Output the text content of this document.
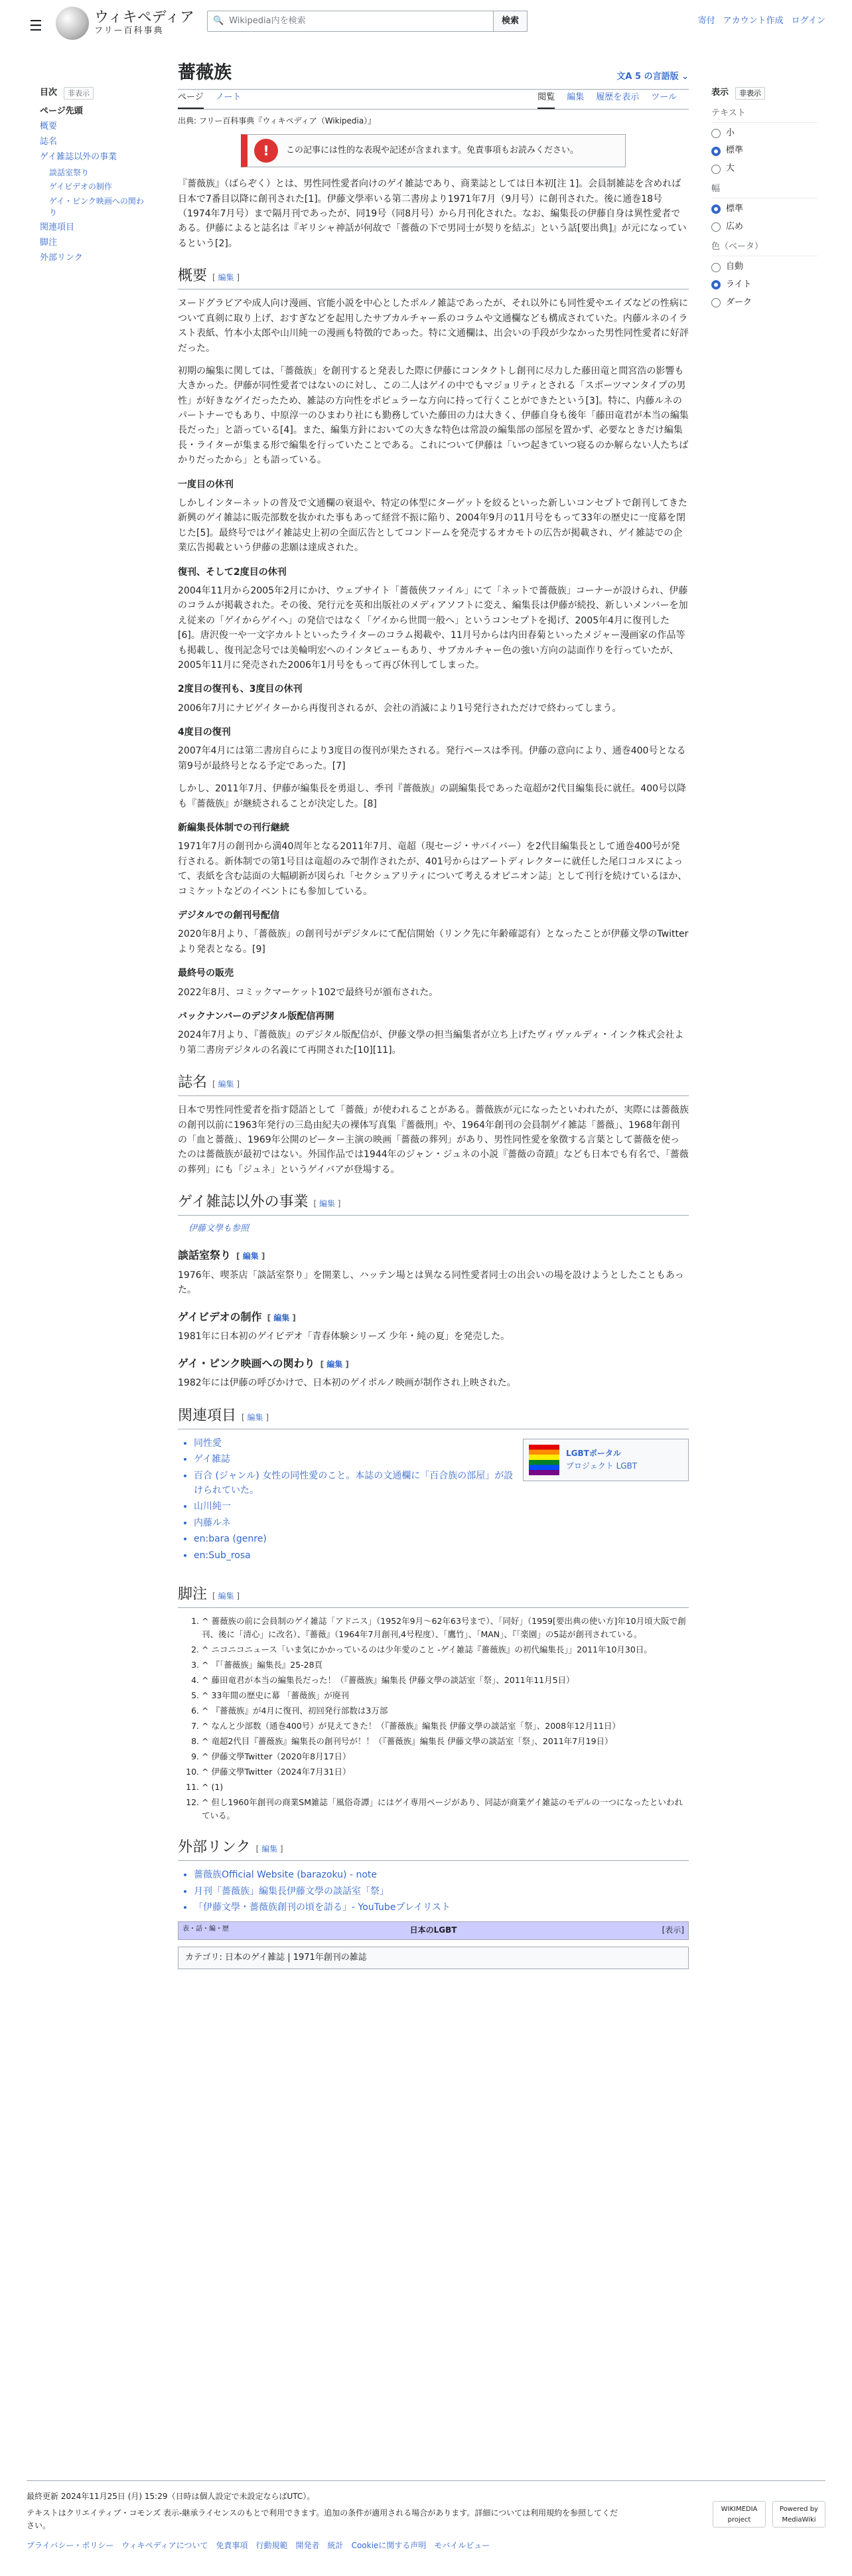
☰
ウィキペディア
フリー百科事典
🔍 Wikipedia内を検索	検索	寄付 アカウント作成 ログイン
目次	非表示
ページ先頭
概要
誌名
ゲイ雑誌以外の事業
談話室祭り
ゲイビデオの制作
ゲイ・ピンク映画への関わり
関連項目
脚注
外部リンク
薔薇族	文A 5 の言語版 ⌄
ページ ノート	閲覧 編集 履歴を表示 ツール
出典: フリー百科事典『ウィキペディア（Wikipedia）』
!	この記事には性的な表現や記述が含まれます。免責事項もお読みください。

『薔薇族』（ばらぞく）とは、男性同性愛者向けのゲイ雑誌であり、商業誌としては日本初[注 1]。会員制雑誌を含めれば日本で7番目以降に創刊された[1]。伊藤文學率いる第二書房より1971年7月（9月号）に創刊された。後に通巻18号（1974年7月号）まで隔月刊であったが、同19号（同8月号）から月刊化された。なお、編集長の伊藤自身は異性愛者である。伊藤によると誌名は『ギリシャ神話が何故で「薔薇の下で男同士が契りを結ぶ」という話[要出典]』が元になっているという[2]。

概要 [ 編集 ]

ヌードグラビアや成人向け漫画、官能小説を中心としたポルノ雑誌であったが、それ以外にも同性愛やエイズなどの性病について真剣に取り上げ、おすぎなどを起用したサブカルチャー系のコラムや文通欄なども構成されていた。内藤ルネのイラスト表紙、竹本小太郎や山川純一の漫画も特徴的であった。特に文通欄は、出会いの手段が少なかった男性同性愛者に好評だった。

初期の編集に関しては、「薔薇族」を創刊すると発表した際に伊藤にコンタクトし創刊に尽力した藤田竜と間宮浩の影響も大きかった。伊藤が同性愛者ではないのに対し、この二人はゲイの中でもマジョリティとされる「スポーツマンタイプの男性」が好きなゲイだったため、雑誌の方向性をポピュラーな方向に持って行くことができたという[3]。特に、内藤ルネのパートナーでもあり、中原淳一のひまわり社にも勤務していた藤田の力は大きく、伊藤自身も後年「藤田竜君が本当の編集長だった」と語っている[4]。また、編集方針においての大きな特色は常設の編集部の部屋を置かず、必要なときだけ編集長・ライターが集まる形で編集を行っていたことである。これについて伊藤は「いつ起きていつ寝るのか解らない人たちばかりだったから」とも語っている。

一度目の休刊

しかしインターネットの普及で文通欄の衰退や、特定の体型にターゲットを絞るといった新しいコンセプトで創刊してきた新興のゲイ雑誌に販売部数を抜かれた事もあって経営不振に陥り、2004年9月の11月号をもって33年の歴史に一度幕を閉じた[5]。最終号ではゲイ雑誌史上初の全面広告としてコンドームを発売するオカモトの広告が掲載され、ゲイ雑誌での企業広告掲載という伊藤の悲願は達成された。

復刊、そして2度目の休刊

2004年11月から2005年2月にかけ、ウェブサイト「薔薇俠ファイル」にて「ネットで薔薇族」コーナーが設けられ、伊藤のコラムが掲載された。その後、発行元を英和出版社のメディアソフトに変え、編集長は伊藤が続投、新しいメンバーを加え従来の「ゲイからゲイへ」の発信ではなく「ゲイから世間一般へ」というコンセプトを掲げ、2005年4月に復刊した[6]。唐沢俊一や一文字カルトといったライターのコラム掲載や、11月号からは内田春菊といったメジャー漫画家の作品等も掲載し、復刊記念号では美輪明宏へのインタビューもあり、サブカルチャー色の強い方向の誌面作りを行っていたが、2005年11月に発売された2006年1月号をもって再び休刊してしまった。

2度目の復刊も、3度目の休刊

2006年7月にナビゲイターから再復刊されるが、会社の消滅により1号発行されただけで終わってしまう。

4度目の復刊

2007年4月には第二書房自らにより3度目の復刊が果たされる。発行ペースは季刊。伊藤の意向により、通巻400号となる第9号が最終号となる予定であった。[7]

しかし、2011年7月、伊藤が編集長を勇退し、季刊『薔薇族』の副編集長であった竜超が2代目編集長に就任。400号以降も『薔薇族』が継続されることが決定した。[8]

新編集長体制での刊行継続

1971年7月の創刊から満40周年となる2011年7月、竜超（現セージ・サバイバー）を2代目編集長として通巻400号が発行される。新体制での第1号目は竜超のみで制作されたが、401号からはアートディレクターに就任した尾口コルヌによって、表紙を含む誌面の大幅刷新が図られ「セクシュアリティについて考えるオピニオン誌」として刊行を続けているほか、コミケットなどのイベントにも参加している。

デジタルでの創刊号配信

2020年8月より、「薔薇族」の創刊号がデジタルにて配信開始（リンク先に年齢確認有）となったことが伊藤文學のTwitterより発表となる。[9]

最終号の販売

2022年8月、コミックマーケット102で最終号が頒布された。

バックナンバーのデジタル版配信再開

2024年7月より、『薔薇族』のデジタル版配信が、伊藤文學の担当編集者が立ち上げたヴィヴァルディ・インク株式会社より第二書房デジタルの名義にて再開された[10][11]。

誌名 [ 編集 ]

日本で男性同性愛者を指す隠語として「薔薇」が使われることがある。薔薇族が元になったといわれたが、実際には薔薇族の創刊以前に1963年発行の三島由紀夫の裸体写真集『薔薇刑』や、1964年創刊の会員制ゲイ雑誌「薔薇」、1968年創刊の「血と薔薇」、1969年公開のピーター主演の映画「薔薇の葬列」があり、男性同性愛を象徴する言葉として薔薇を使ったのは薔薇族が最初ではない。外国作品では1944年のジャン・ジュネの小説『薔薇の奇蹟』なども日本でも有名で、「薔薇の葬列」にも「ジュネ」というゲイバアが登場する。

ゲイ雑誌以外の事業 [ 編集 ]
伊藤文學も参照
談話室祭り [ 編集 ]

1976年、喫茶店「談話室祭り」を開業し、ハッテン場とは異なる同性愛者同士の出会いの場を設けようとしたこともあった。

ゲイビデオの制作 [ 編集 ]

1981年に日本初のゲイビデオ「青春体験シリーズ 少年・純の夏」を発売した。

ゲイ・ピンク映画への関わり [ 編集 ]

1982年には伊藤の呼びかけで、日本初のゲイポルノ映画が制作され上映された。

関連項目 [ 編集 ]
LGBTポータル
プロジェクト LGBT
• 同性愛
• ゲイ雑誌
• 百合 (ジャンル) 女性の同性愛のこと。本誌の文通欄に「百合族の部屋」が設けられていた。
• 山川純一
• 内藤ルネ
• en:bara (genre)
• en:Sub_rosa
脚注 [ 編集 ]
1. ^ 薔薇族の前に会員制のゲイ雑誌「アドニス」（1952年9月〜62年63号まで）、「同好」（1959[要出典の使い方]年10月頃大阪で創刊、後に「清心」に改名）、『薔薇』（1964年7月創刊,4号程度）、「鷹竹」、「MAN」、『「楽園」の5誌が創刊されている。
2. ^ ニコニコニュース「いま気にかかっているのは少年愛のこと -ゲイ雑誌『薔薇族』の初代編集長」」2011年10月30日。
3. ^ 『「薔薇族」編集長』25-28頁
4. ^ 藤田竜君が本当の編集長だった！（『薔薇族』編集長 伊藤文學の談話室「祭」、2011年11月5日）
5. ^ 33年間の歴史に幕 「薔薇族」が廃刊
6. ^ 『薔薇族』が4月に復刊、初回発行部数は3万部
7. ^ なんと少部数（通巻400号）が見えてきた！（『薔薇族』編集長 伊藤文學の談話室「祭」、2008年12月11日）
8. ^ 竜超2代目『薔薇族』編集長の創刊号が！！（『薔薇族』編集長 伊藤文學の談話室「祭」、2011年7月19日）
9. ^ 伊藤文學Twitter（2020年8月17日）
10. ^ 伊藤文學Twitter（2024年7月31日）
11. ^ (1)
12. ^ 但し1960年創刊の商業SM雑誌「風俗奇譚」にはゲイ専用ページがあり、同誌が商業ゲイ雑誌のモデルの一つになったといわれている。
外部リンク [ 編集 ]
• 薔薇族Official Website (barazoku) - note
• 月刊「薔薇族」編集長伊藤文學の談話室「祭」
• 「伊藤文學・薔薇族創刊の頃を語る」- YouTubeプレイリスト
表・話・編・歴	日本のLGBT	[表示]
カテゴリ: 日本のゲイ雑誌 | 1971年創刊の雑誌
表示	非表示
テキスト
小
標準
大
幅
標準
広め
色（ベータ）
自動
ライト
ダーク
最終更新 2024年11月25日 (月) 15:29（日時は個人設定で未設定ならばUTC）。
テキストはクリエイティブ・コモンズ 表示-継承ライセンスのもとで利用できます。追加の条件が適用される場合があります。詳細については利用規約を参照してください。
プライバシー・ポリシー ウィキペディアについて 免責事項 行動規範 開発者 統計 Cookieに関する声明 モバイルビュー
WIKIMEDIA project
Powered by MediaWiki
